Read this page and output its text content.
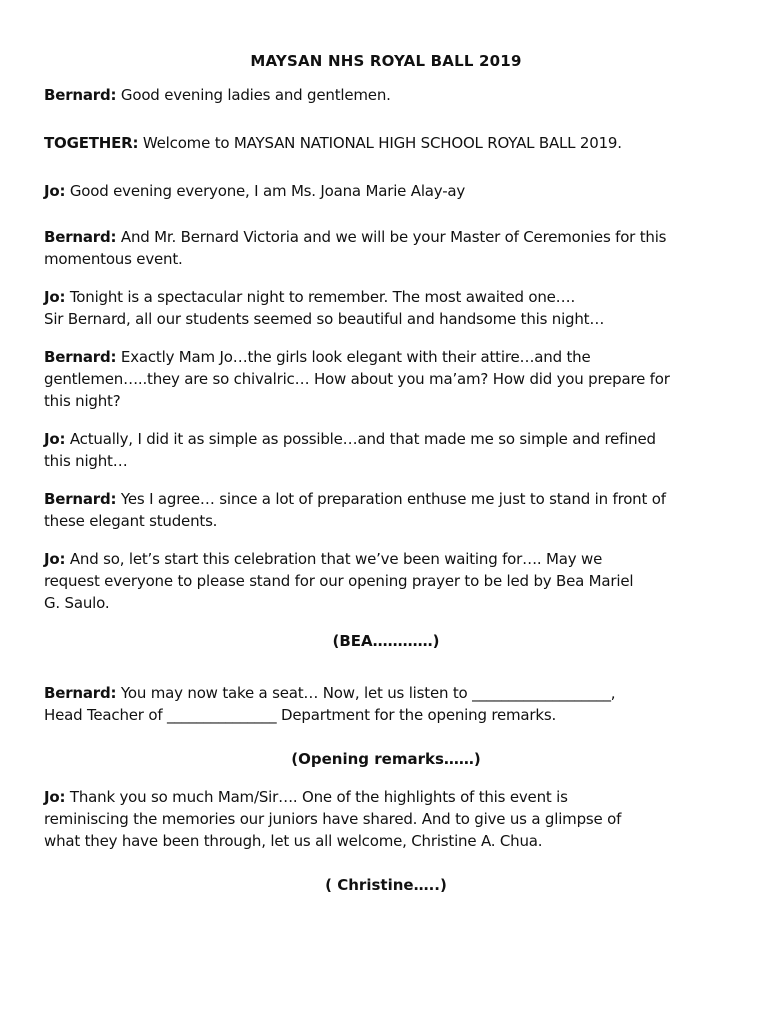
MAYSAN NHS ROYAL BALL 2019
Bernard: Good evening ladies and gentlemen.
TOGETHER: Welcome to MAYSAN NATIONAL HIGH SCHOOL ROYAL BALL 2019.
Jo: Good evening everyone, I am Ms. Joana Marie Alay-ay
Bernard: And Mr. Bernard Victoria and we will be your Master of Ceremonies for this
momentous event.
Jo: Tonight is a spectacular night to remember. The most awaited one….
Sir Bernard, all our students seemed so beautiful and handsome this night…
Bernard: Exactly Mam Jo…the girls look elegant with their attire…and the
gentlemen…..they are so chivalric… How about you ma’am? How did you prepare for
this night?
Jo: Actually, I did it as simple as possible…and that made me so simple and refined
this night…
Bernard: Yes I agree… since a lot of preparation enthuse me just to stand in front of
these elegant students.
Jo: And so, let’s start this celebration that we’ve been waiting for…. May we
request everyone to please stand for our opening prayer to be led by Bea Mariel
G. Saulo.
(BEA…………)
Bernard: You may now take a seat… Now, let us listen to ___________________,
Head Teacher of _______________ Department for the opening remarks.
(Opening remarks……)
Jo: Thank you so much Mam/Sir…. One of the highlights of this event is
reminiscing the memories our juniors have shared. And to give us a glimpse of
what they have been through, let us all welcome, Christine A. Chua.
( Christine…..)
